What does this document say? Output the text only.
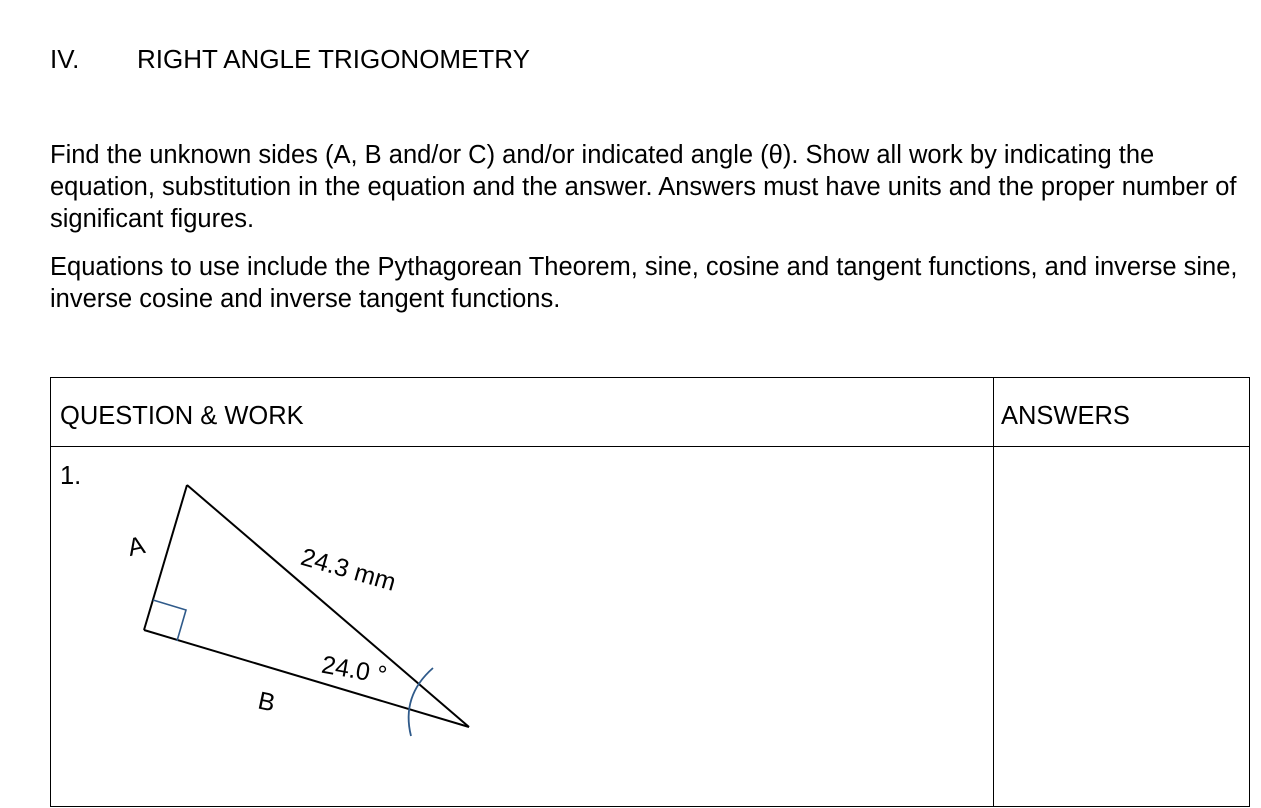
IV. RIGHT ANGLE TRIGONOMETRY
Find the unknown sides (A, B and/or C) and/or indicated angle (θ). Show all work by indicating the equation, substitution in the equation and the answer. Answers must have units and the proper number of significant figures.
Equations to use include the Pythagorean Theorem, sine, cosine and tangent functions, and inverse sine, inverse cosine and inverse tangent functions.
QUESTION & WORK	ANSWERS
1.
A
B
24.3 mm
24.0 °
